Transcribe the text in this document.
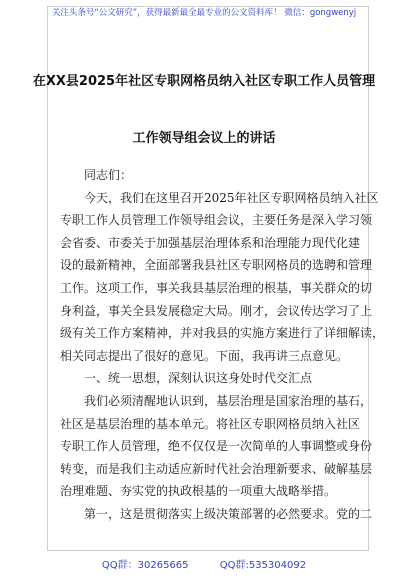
关注头条号“公文研究”，获得最新最全最专业的公文资料库！ 微信：gongwenyj
在XX县2025年社区专职网格员纳入社区专职工作人员管理
工作领导组会议上的讲话
同志们：
今天，我们在这里召开2025年社区专职网格员纳入社区
专职工作人员管理工作领导组会议，主要任务是深入学习领
会省委、市委关于加强基层治理体系和治理能力现代化建
设的最新精神，全面部署我县社区专职网格员的选聘和管理
工作。这项工作，事关我县基层治理的根基，事关群众的切
身利益，事关全县发展稳定大局。刚才，会议传达学习了上
级有关工作方案精神，并对我县的实施方案进行了详细解读，
相关同志提出了很好的意见。下面，我再讲三点意见。
一、统一思想，深刻认识这身处时代交汇点
我们必须清醒地认识到，基层治理是国家治理的基石，
社区是基层治理的基本单元。将社区专职网格员纳入社区
专职工作人员管理，绝不仅仅是一次简单的人事调整或身份
转变，而是我们主动适应新时代社会治理新要求、破解基层
治理难题、夯实党的执政根基的一项重大战略举措。
第一，这是贯彻落实上级决策部署的必然要求。党的二
QQ群：30265665	QQ群:535304092
